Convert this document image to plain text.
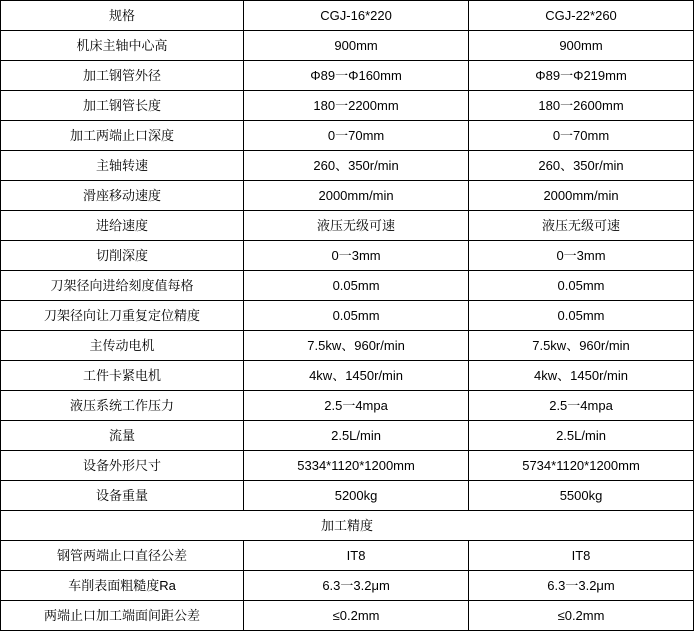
规格	CGJ-16*220	CGJ-22*260
机床主轴中心高	900mm	900mm
加工钢管外径	Φ89一Φ160mm	Φ89一Φ219mm
加工钢管长度	180一2200mm	180一2600mm
加工两端止口深度	0一70mm	0一70mm
主轴转速	260、350r/min	260、350r/min
滑座移动速度	2000mm/min	2000mm/min
进给速度	液压无级可速	液压无级可速
切削深度	0一3mm	0一3mm
刀架径向进给刻度值每格	0.05mm	0.05mm
刀架径向让刀重复定位精度	0.05mm	0.05mm
主传动电机	7.5kw、960r/min	7.5kw、960r/min
工件卡紧电机	4kw、1450r/min	4kw、1450r/min
液压系统工作压力	2.5一4mpa	2.5一4mpa
流量	2.5L/min	2.5L/min
设备外形尺寸	5334*1120*1200mm	5734*1120*1200mm
设备重量	5200kg	5500kg
加工精度		
钢管两端止口直径公差	IT8	IT8
车削表面粗糙度Ra	6.3一3.2μm	6.3一3.2μm
两端止口加工端面间距公差	≤0.2mm	≤0.2mm
